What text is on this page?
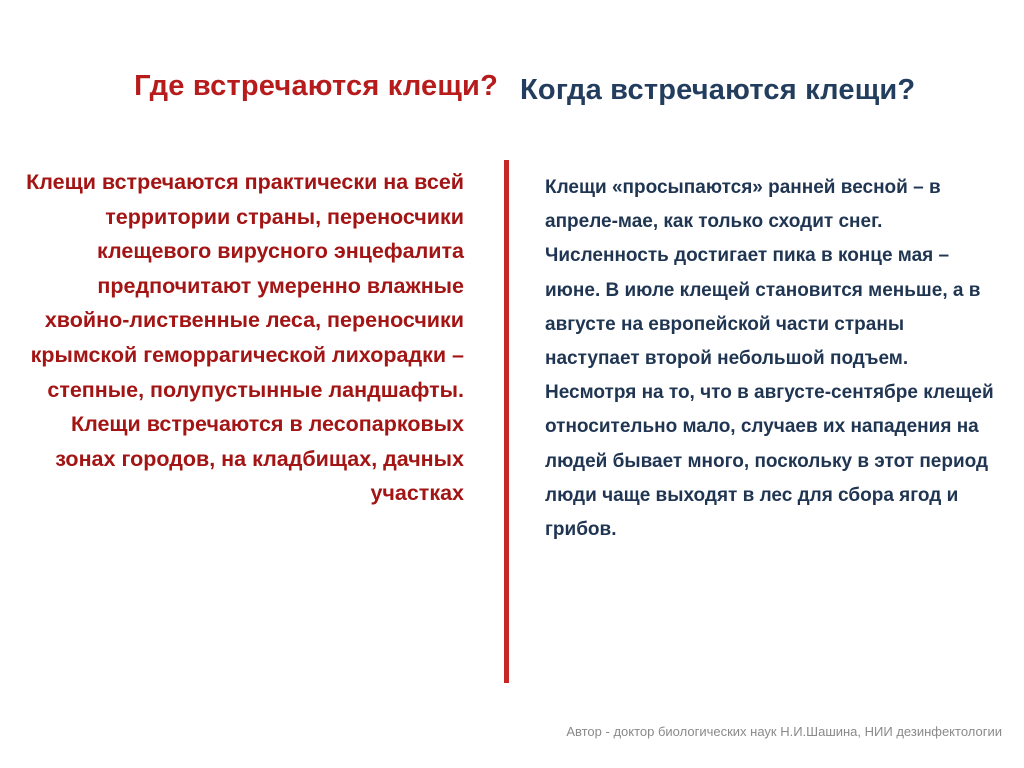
Где встречаются клещи? Когда встречаются клещи?
Клещи встречаются практически на всей территории страны, переносчики клещевого вирусного энцефалита предпочитают умеренно влажные хвойно-лиственные леса, переносчики крымской геморрагической лихорадки – степные, полупустынные ландшафты. Клещи встречаются в лесопарковых зонах городов, на кладбищах, дачных участках
Клещи «просыпаются» ранней весной – в апреле-мае, как только сходит снег. Численность достигает пика в конце мая – июне. В июле клещей становится меньше, а в августе на европейской части страны наступает второй небольшой подъем. Несмотря на то, что в августе-сентябре клещей относительно мало, случаев их нападения на людей бывает много, поскольку в этот период люди чаще выходят в лес для сбора ягод и грибов.
Автор - доктор биологических наук Н.И.Шашина, НИИ дезинфектологии
